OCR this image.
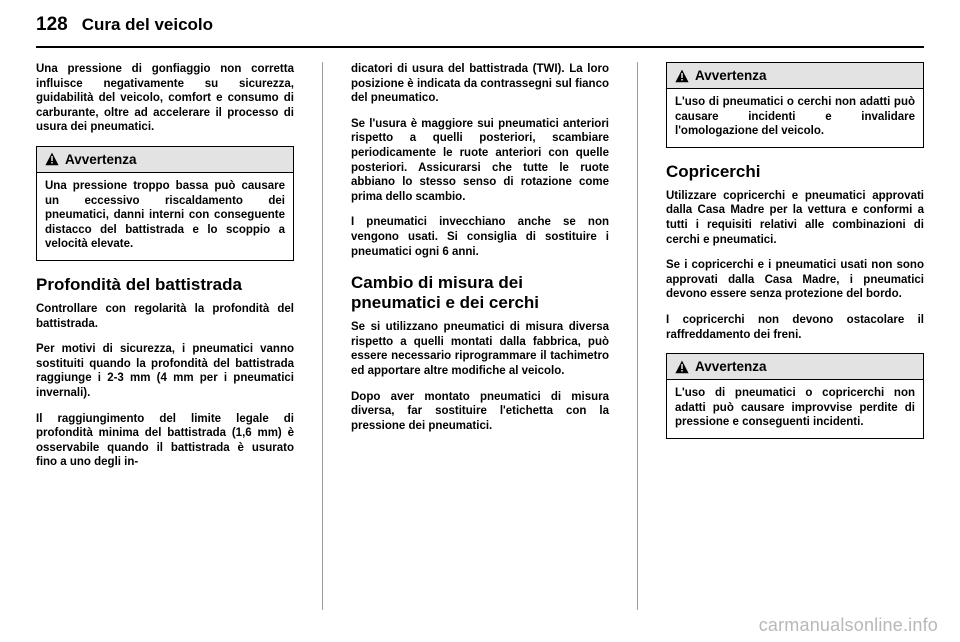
128 Cura del veicolo

Una pressione di gonfiaggio non corretta influisce negativamente su sicurezza, guidabilità del veicolo, comfort e consumo di carburante, oltre ad accelerare il processo di usura dei pneumatici.

Avvertenza
Una pressione troppo bassa può causare un eccessivo riscaldamento dei pneumatici, danni interni con conseguente distacco del battistrada e lo scoppio a velocità elevate.
Profondità del battistrada

Controllare con regolarità la profondità del battistrada.

Per motivi di sicurezza, i pneumatici vanno sostituiti quando la profondità del battistrada raggiunge i 2-3 mm (4 mm per i pneumatici invernali).

Il raggiungimento del limite legale di profondità minima del battistrada (1,6 mm) è osservabile quando il battistrada è usurato fino a uno degli in-

dicatori di usura del battistrada (TWI). La loro posizione è indicata da contrassegni sul fianco del pneumatico.

Se l'usura è maggiore sui pneumatici anteriori rispetto a quelli posteriori, scambiare periodicamente le ruote anteriori con quelle posteriori. Assicurarsi che tutte le ruote abbiano lo stesso senso di rotazione come prima dello scambio.

I pneumatici invecchiano anche se non vengono usati. Si consiglia di sostituire i pneumatici ogni 6 anni.

Cambio di misura dei pneumatici e dei cerchi

Se si utilizzano pneumatici di misura diversa rispetto a quelli montati dalla fabbrica, può essere necessario riprogrammare il tachimetro ed apportare altre modifiche al veicolo.

Dopo aver montato pneumatici di misura diversa, far sostituire l'etichetta con la pressione dei pneumatici.

Avvertenza
L'uso di pneumatici o cerchi non adatti può causare incidenti e invalidare l'omologazione del veicolo.
Copricerchi

Utilizzare copricerchi e pneumatici approvati dalla Casa Madre per la vettura e conformi a tutti i requisiti relativi alle combinazioni di cerchi e pneumatici.

Se i copricerchi e i pneumatici usati non sono approvati dalla Casa Madre, i pneumatici devono essere senza protezione del bordo.

I copricerchi non devono ostacolare il raffreddamento dei freni.

Avvertenza
L'uso di pneumatici o copricerchi non adatti può causare improvvise perdite di pressione e conseguenti incidenti.
carmanualsonline.info
